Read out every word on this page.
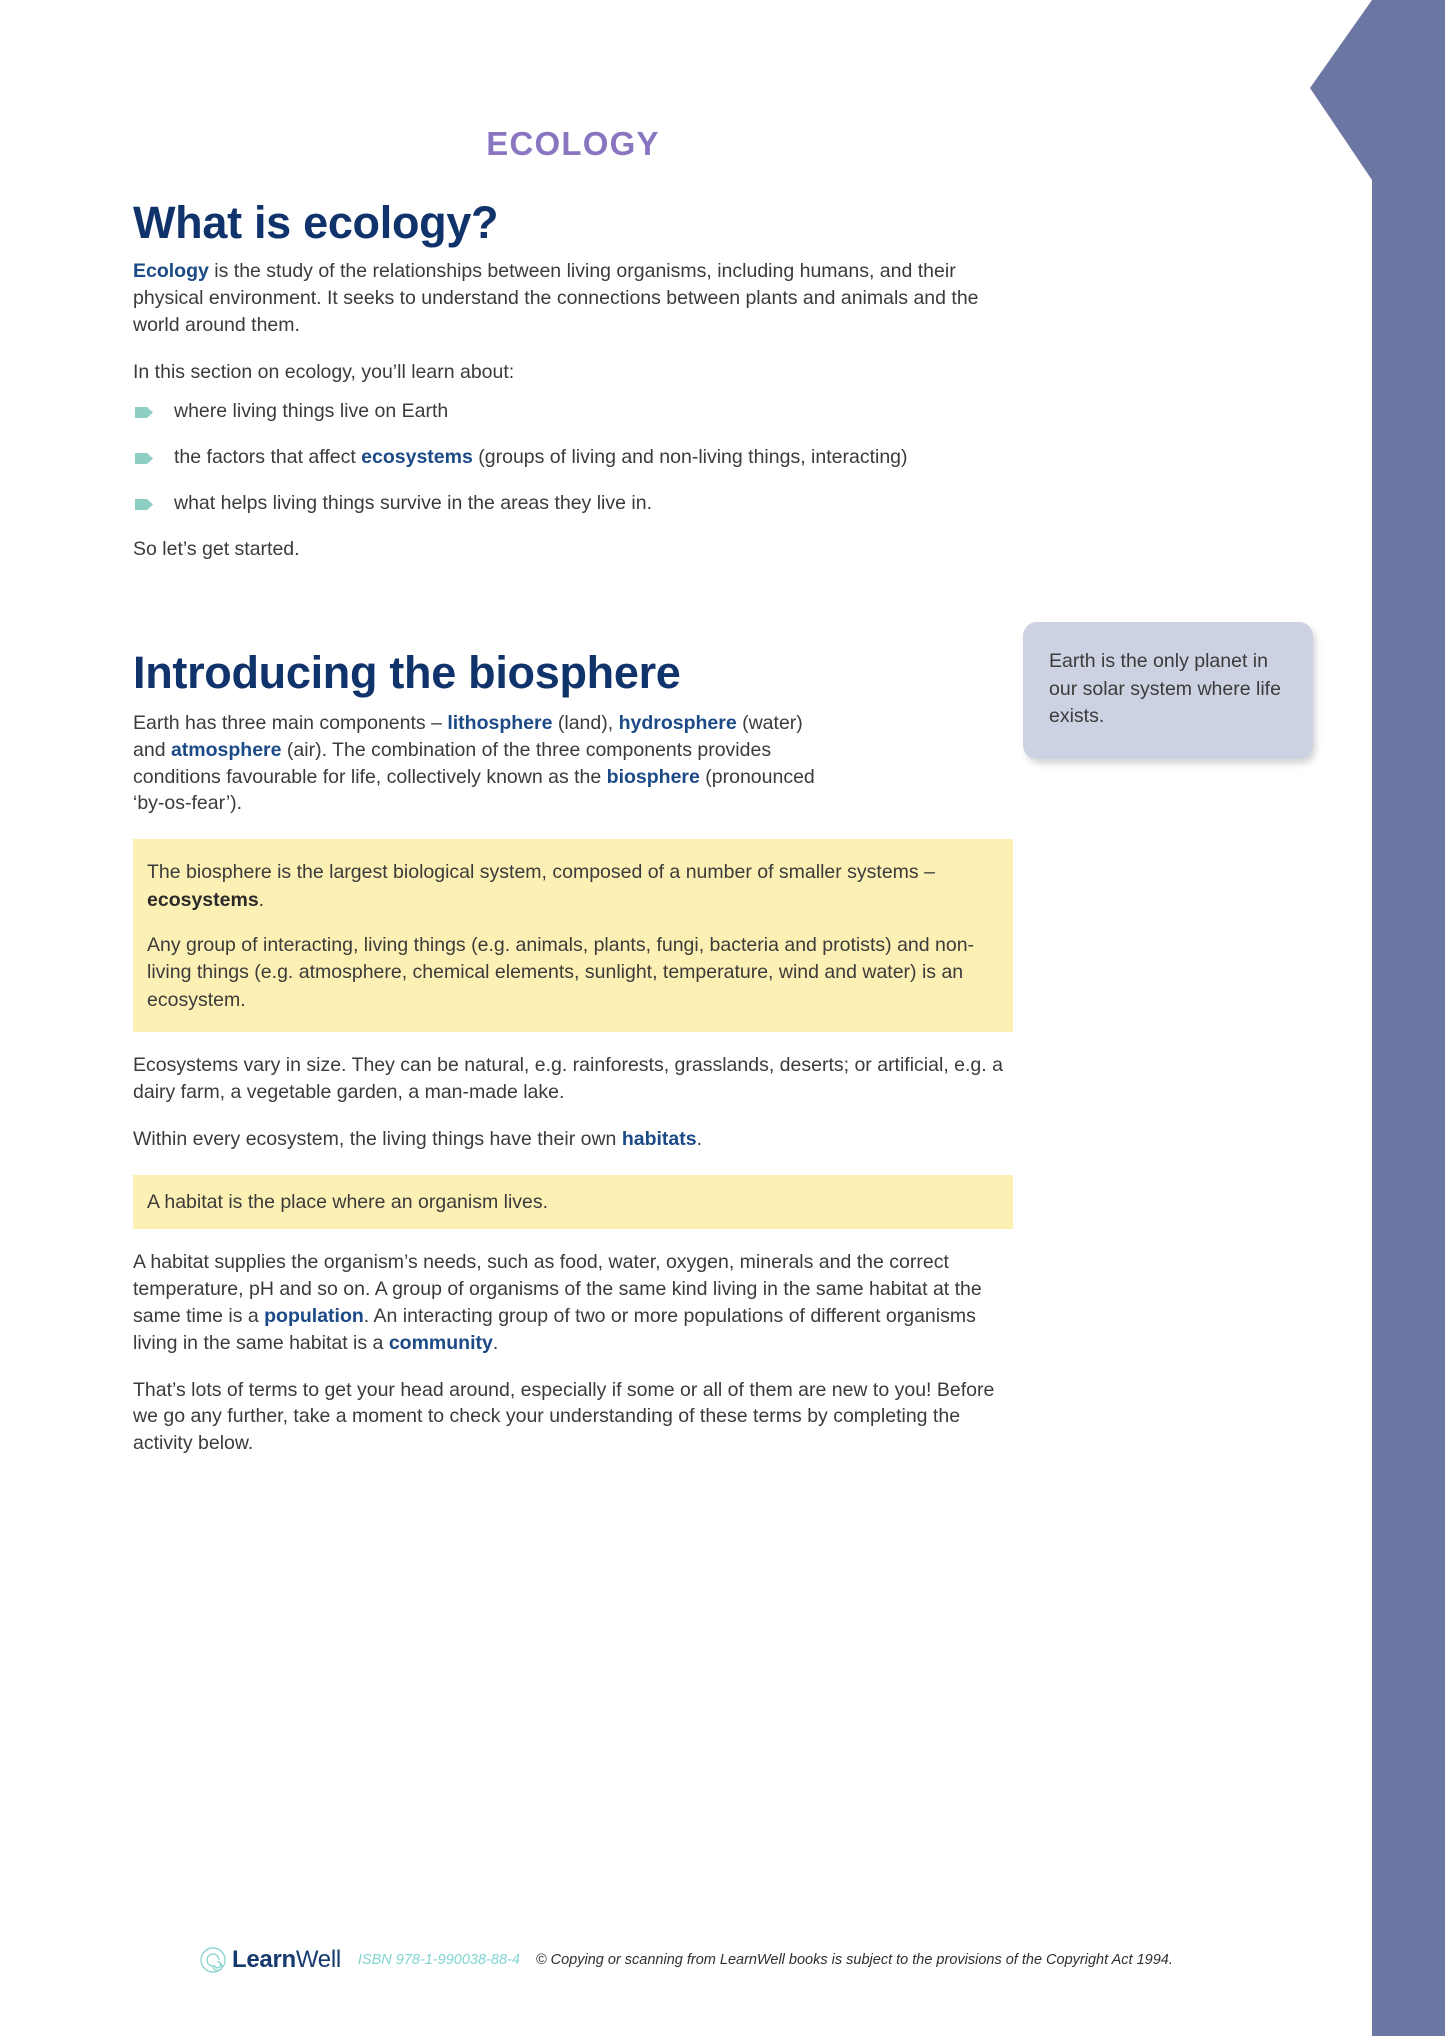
ECOLOGY
What is ecology?

Ecology is the study of the relationships between living organisms, including humans, and their physical environment. It seeks to understand the connections between plants and animals and the world around them.

In this section on ecology, you’ll learn about:

where living things live on Earth
the factors that affect ecosystems (groups of living and non-living things, interacting)
what helps living things survive in the areas they live in.

So let’s get started.

Introducing the biosphere

Earth has three main components – lithosphere (land), hydrosphere (water) and atmosphere (air). The combination of the three components provides conditions favourable for life, collectively known as the biosphere (pronounced ‘by-os-fear’).

The biosphere is the largest biological system, composed of a number of smaller systems – ecosystems.

Any group of interacting, living things (e.g. animals, plants, fungi, bacteria and protists) and non-living things (e.g. atmosphere, chemical elements, sunlight, temperature, wind and water) is an ecosystem.

Ecosystems vary in size. They can be natural, e.g. rainforests, grasslands, deserts; or artificial, e.g. a dairy farm, a vegetable garden, a man-made lake.

Within every ecosystem, the living things have their own habitats.

A habitat is the place where an organism lives.

A habitat supplies the organism’s needs, such as food, water, oxygen, minerals and the correct temperature, pH and so on. A group of organisms of the same kind living in the same habitat at the same time is a population. An interacting group of two or more populations of different organisms living in the same habitat is a community.

That’s lots of terms to get your head around, especially if some or all of them are new to you! Before we go any further, take a moment to check your understanding of these terms by completing the activity below.

Earth is the only planet in our solar system where life exists.
LearnWell ISBN 978-1-990038-88-4 © Copying or scanning from LearnWell books is subject to the provisions of the Copyright Act 1994.
